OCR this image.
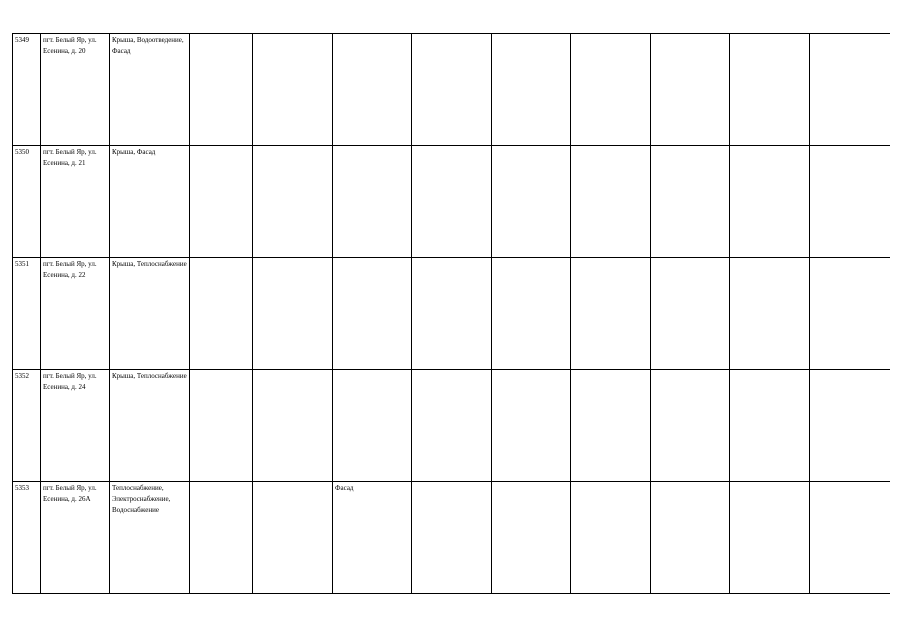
5349	пгт. Белый Яр, ул. Есенина, д. 20	Крыша, Водоотведение, Фасад									

5350	пгт. Белый Яр, ул. Есенина, д. 21	Крыша, Фасад									

5351	пгт. Белый Яр, ул. Есенина, д. 22	Крыша, Теплоснабжение									

5352	пгт. Белый Яр, ул. Есенина, д. 24	Крыша, Теплоснабжение									

5353	пгт. Белый Яр, ул. Есенина, д. 26А	Теплоснабжение, Электроснабжение, Водоснабжение			Фасад						
